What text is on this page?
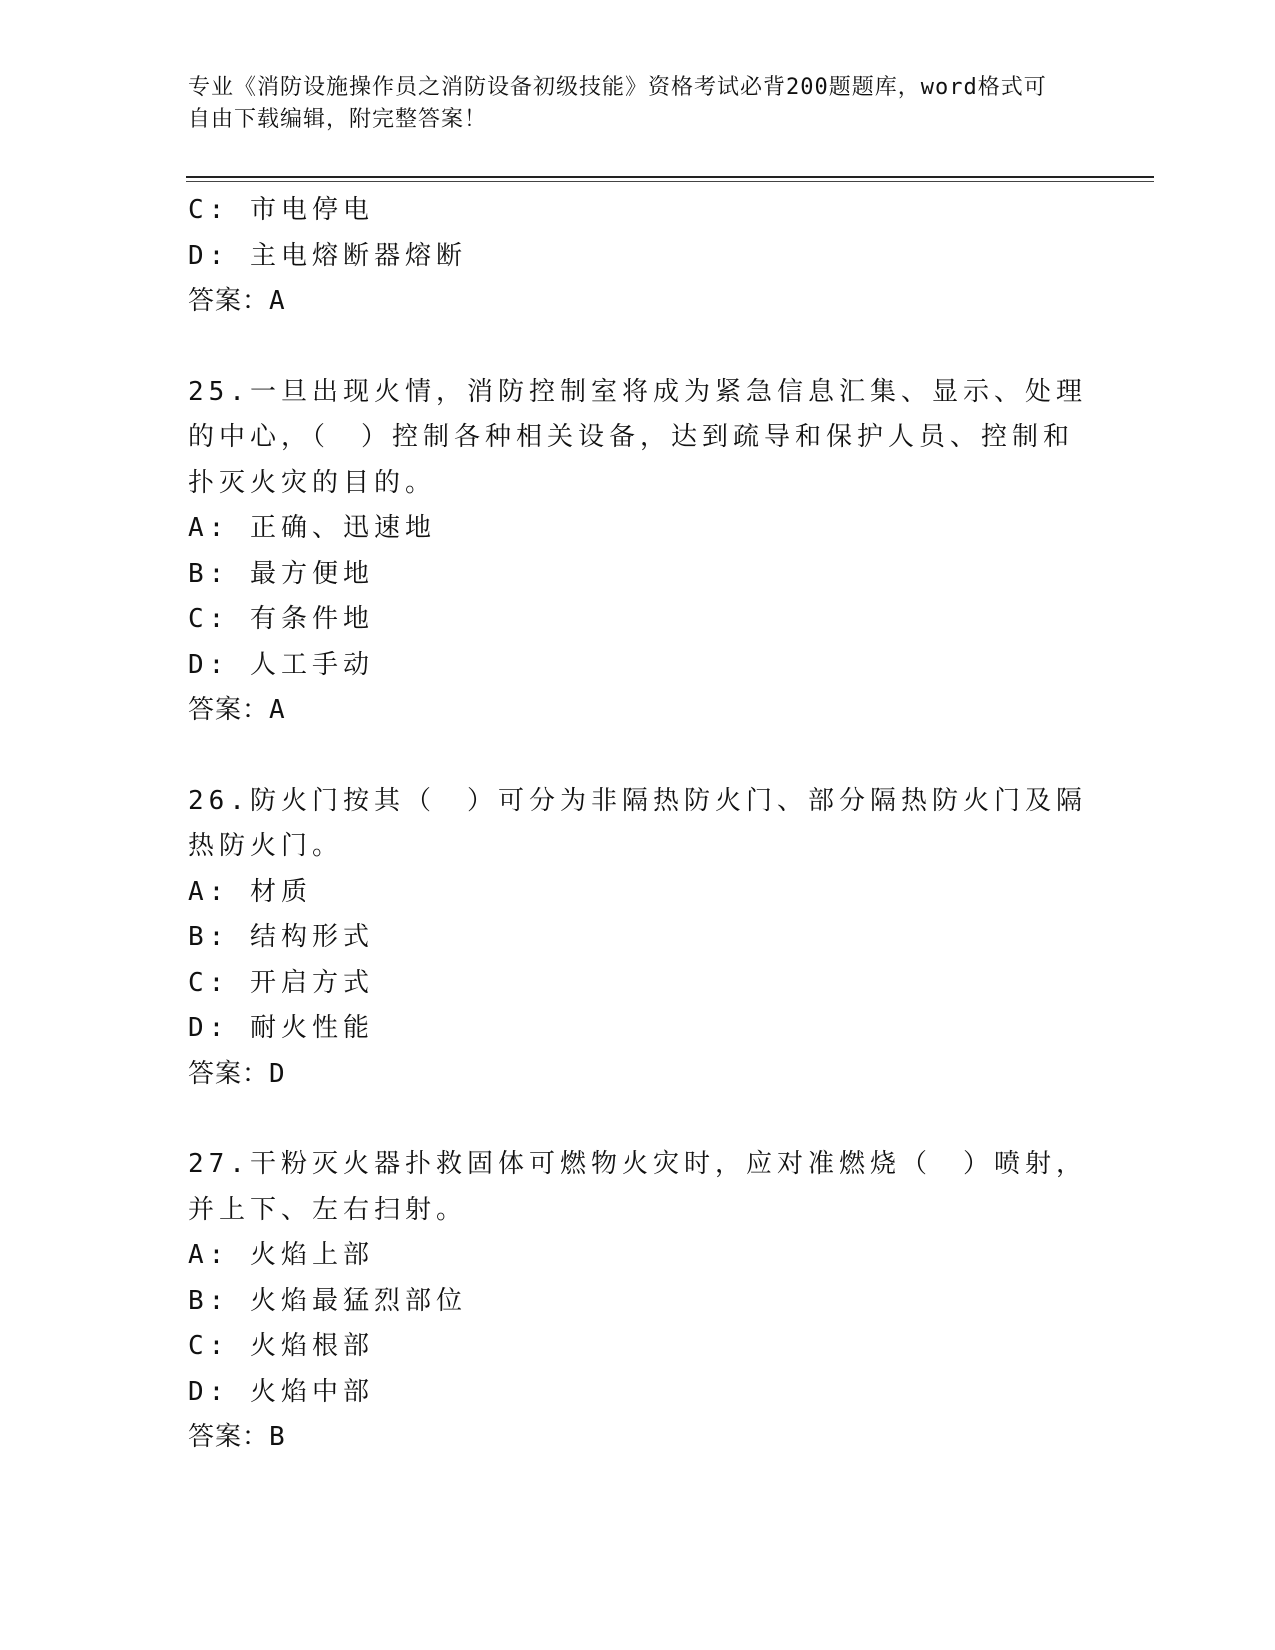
专业《消防设施操作员之消防设备初级技能》资格考试必背200题题库，word格式可自由下载编辑，附完整答案！

C: 市电停电

D: 主电熔断器熔断

答案：A

25.一旦出现火情，消防控制室将成为紧急信息汇集、显示、处理的中心，（　）控制各种相关设备，达到疏导和保护人员、控制和扑灭火灾的目的。

A: 正确、迅速地

B: 最方便地

C: 有条件地

D: 人工手动

答案：A

26.防火门按其（　）可分为非隔热防火门、部分隔热防火门及隔热防火门。

A: 材质

B: 结构形式

C: 开启方式

D: 耐火性能

答案：D

27.干粉灭火器扑救固体可燃物火灾时，应对准燃烧（　）喷射，并上下、左右扫射。

A: 火焰上部

B: 火焰最猛烈部位

C: 火焰根部

D: 火焰中部

答案：B
